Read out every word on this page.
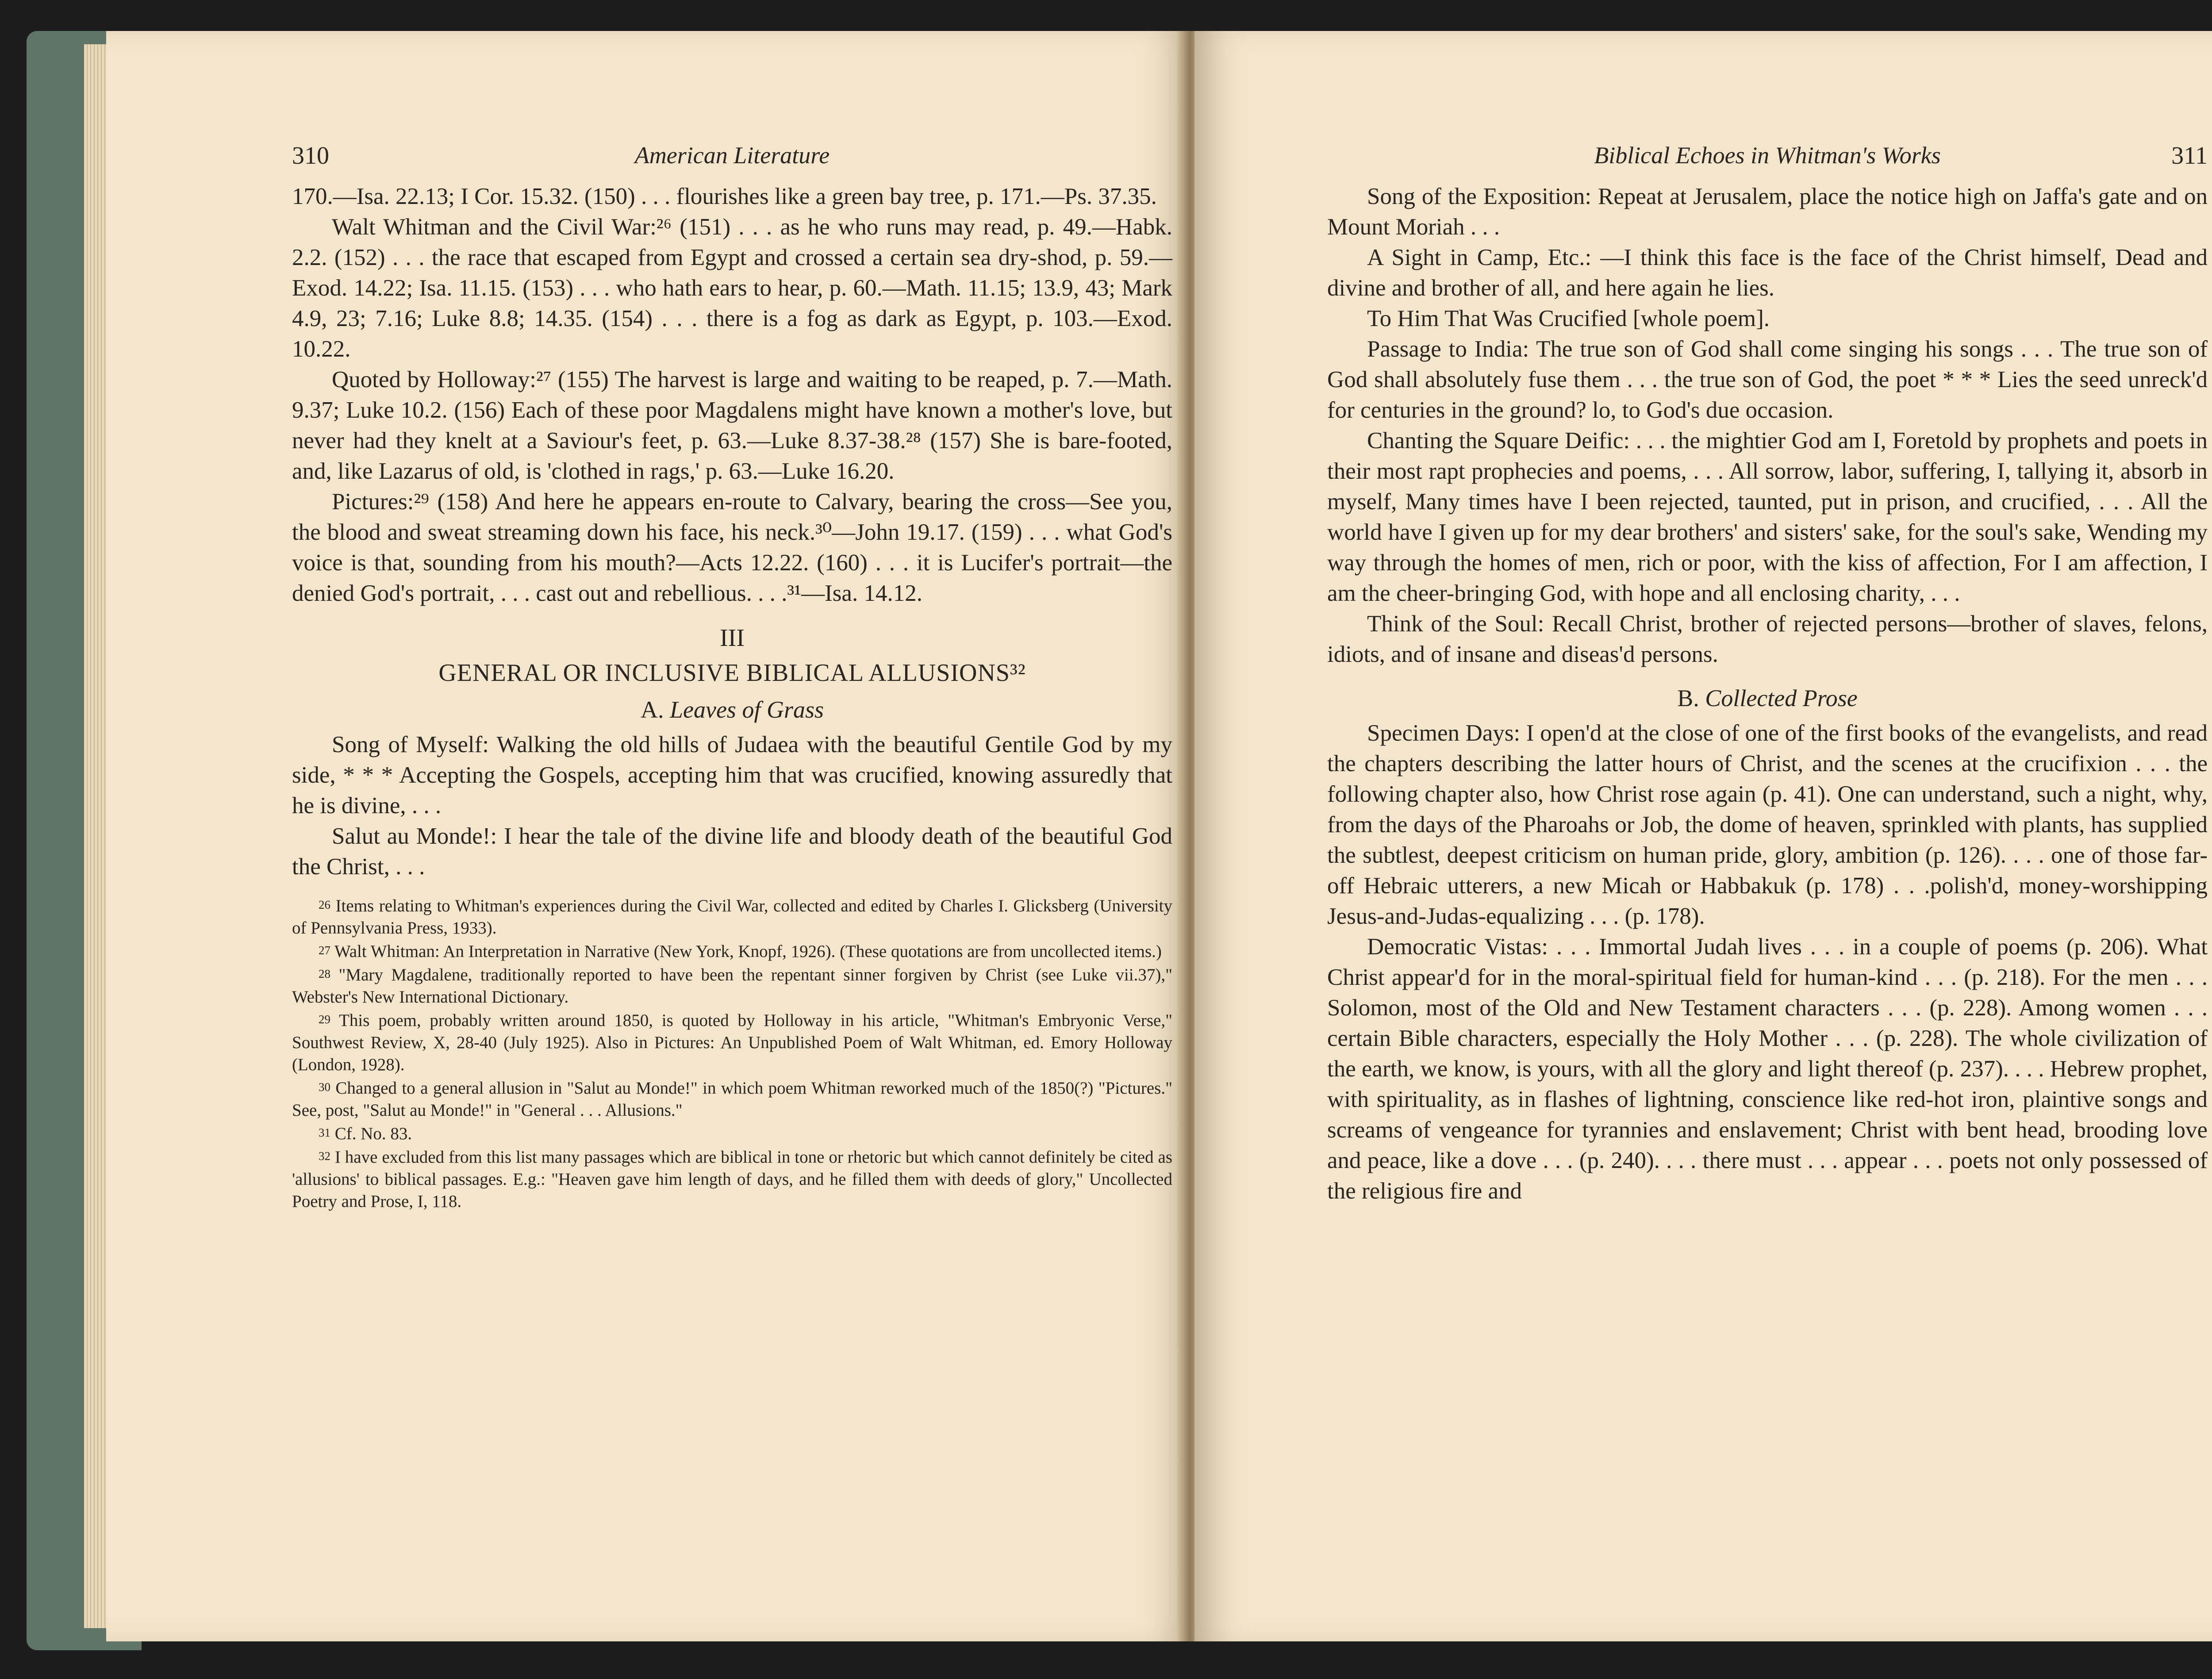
310	American Literature

170.—Isa. 22.13; I Cor. 15.32. (150) . . . flourishes like a green bay tree, p. 171.—Ps. 37.35.

Walt Whitman and the Civil War:²⁶ (151) . . . as he who runs may read, p. 49.—Habk. 2.2. (152) . . . the race that escaped from Egypt and crossed a certain sea dry-shod, p. 59.—Exod. 14.22; Isa. 11.15. (153) . . . who hath ears to hear, p. 60.—Math. 11.15; 13.9, 43; Mark 4.9, 23; 7.16; Luke 8.8; 14.35. (154) . . . there is a fog as dark as Egypt, p. 103.—Exod. 10.22.

Quoted by Holloway:²⁷ (155) The harvest is large and waiting to be reaped, p. 7.—Math. 9.37; Luke 10.2. (156) Each of these poor Magdalens might have known a mother's love, but never had they knelt at a Saviour's feet, p. 63.—Luke 8.37-38.²⁸ (157) She is bare-footed, and, like Lazarus of old, is 'clothed in rags,' p. 63.—Luke 16.20.

Pictures:²⁹ (158) And here he appears en-route to Calvary, bearing the cross—See you, the blood and sweat streaming down his face, his neck.³⁰—John 19.17. (159) . . . what God's voice is that, sounding from his mouth?—Acts 12.22. (160) . . . it is Lucifer's portrait—the denied God's portrait, . . . cast out and rebellious. . . .³¹—Isa. 14.12.

III
GENERAL OR INCLUSIVE BIBLICAL ALLUSIONS³²
A. Leaves of Grass

Song of Myself: Walking the old hills of Judaea with the beautiful Gentile God by my side, * * * Accepting the Gospels, accepting him that was crucified, knowing assuredly that he is divine, . . .

Salut au Monde!: I hear the tale of the divine life and bloody death of the beautiful God the Christ, . . .

26 Items relating to Whitman's experiences during the Civil War, collected and edited by Charles I. Glicksberg (University of Pennsylvania Press, 1933).

27 Walt Whitman: An Interpretation in Narrative (New York, Knopf, 1926). (These quotations are from uncollected items.)

28 "Mary Magdalene, traditionally reported to have been the repentant sinner forgiven by Christ (see Luke vii.37)," Webster's New International Dictionary.

29 This poem, probably written around 1850, is quoted by Holloway in his article, "Whitman's Embryonic Verse," Southwest Review, X, 28-40 (July 1925). Also in Pictures: An Unpublished Poem of Walt Whitman, ed. Emory Holloway (London, 1928).

30 Changed to a general allusion in "Salut au Monde!" in which poem Whitman reworked much of the 1850(?) "Pictures." See, post, "Salut au Monde!" in "General . . . Allusions."

31 Cf. No. 83.

32 I have excluded from this list many passages which are biblical in tone or rhetoric but which cannot definitely be cited as 'allusions' to biblical passages. E.g.: "Heaven gave him length of days, and he filled them with deeds of glory," Uncollected Poetry and Prose, I, 118.

Biblical Echoes in Whitman's Works	311

Song of the Exposition: Repeat at Jerusalem, place the notice high on Jaffa's gate and on Mount Moriah . . .

A Sight in Camp, Etc.: —I think this face is the face of the Christ himself, Dead and divine and brother of all, and here again he lies.

To Him That Was Crucified [whole poem].

Passage to India: The true son of God shall come singing his songs . . . The true son of God shall absolutely fuse them . . . the true son of God, the poet * * * Lies the seed unreck'd for centuries in the ground? lo, to God's due occasion.

Chanting the Square Deific: . . . the mightier God am I, Foretold by prophets and poets in their most rapt prophecies and poems, . . . All sorrow, labor, suffering, I, tallying it, absorb in myself, Many times have I been rejected, taunted, put in prison, and crucified, . . . All the world have I given up for my dear brothers' and sisters' sake, for the soul's sake, Wending my way through the homes of men, rich or poor, with the kiss of affection, For I am affection, I am the cheer-bringing God, with hope and all enclosing charity, . . .

Think of the Soul: Recall Christ, brother of rejected persons—brother of slaves, felons, idiots, and of insane and diseas'd persons.

B. Collected Prose

Specimen Days: I open'd at the close of one of the first books of the evangelists, and read the chapters describing the latter hours of Christ, and the scenes at the crucifixion . . . the following chapter also, how Christ rose again (p. 41). One can understand, such a night, why, from the days of the Pharoahs or Job, the dome of heaven, sprinkled with plants, has supplied the subtlest, deepest criticism on human pride, glory, ambition (p. 126). . . . one of those far-off Hebraic utterers, a new Micah or Habbakuk (p. 178) . . .polish'd, money-worshipping Jesus-and-Judas-equalizing . . . (p. 178).

Democratic Vistas: . . . Immortal Judah lives . . . in a couple of poems (p. 206). What Christ appear'd for in the moral-spiritual field for human-kind . . . (p. 218). For the men . . . Solomon, most of the Old and New Testament characters . . . (p. 228). Among women . . . certain Bible characters, especially the Holy Mother . . . (p. 228). The whole civilization of the earth, we know, is yours, with all the glory and light thereof (p. 237). . . . Hebrew prophet, with spirituality, as in flashes of lightning, conscience like red-hot iron, plaintive songs and screams of vengeance for tyrannies and enslavement; Christ with bent head, brooding love and peace, like a dove . . . (p. 240). . . . there must . . . appear . . . poets not only possessed of the religious fire and
